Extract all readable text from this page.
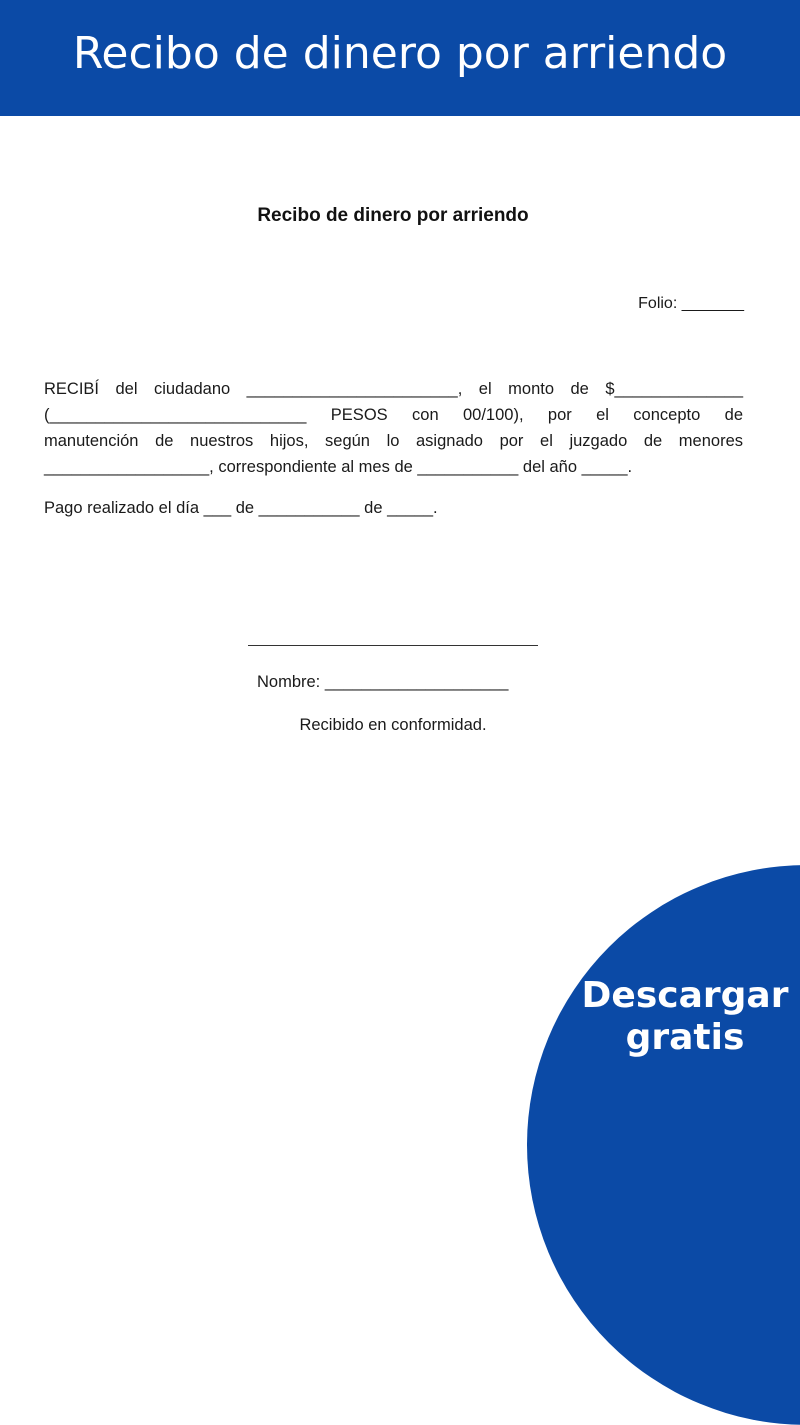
Recibo de dinero por arriendo
Recibo de dinero por arriendo
Folio: _______

RECIBÍ del ciudadano _______________________, el monto de $______________

(____________________________ PESOS con 00/100), por el concepto de

manutención de nuestros hijos, según lo asignado por el juzgado de menores

__________________, correspondiente al mes de ___________ del año _____.

Pago realizado el día ___ de ___________ de _____.
Nombre: ____________________
Recibido en conformidad.
Descargar
gratis
